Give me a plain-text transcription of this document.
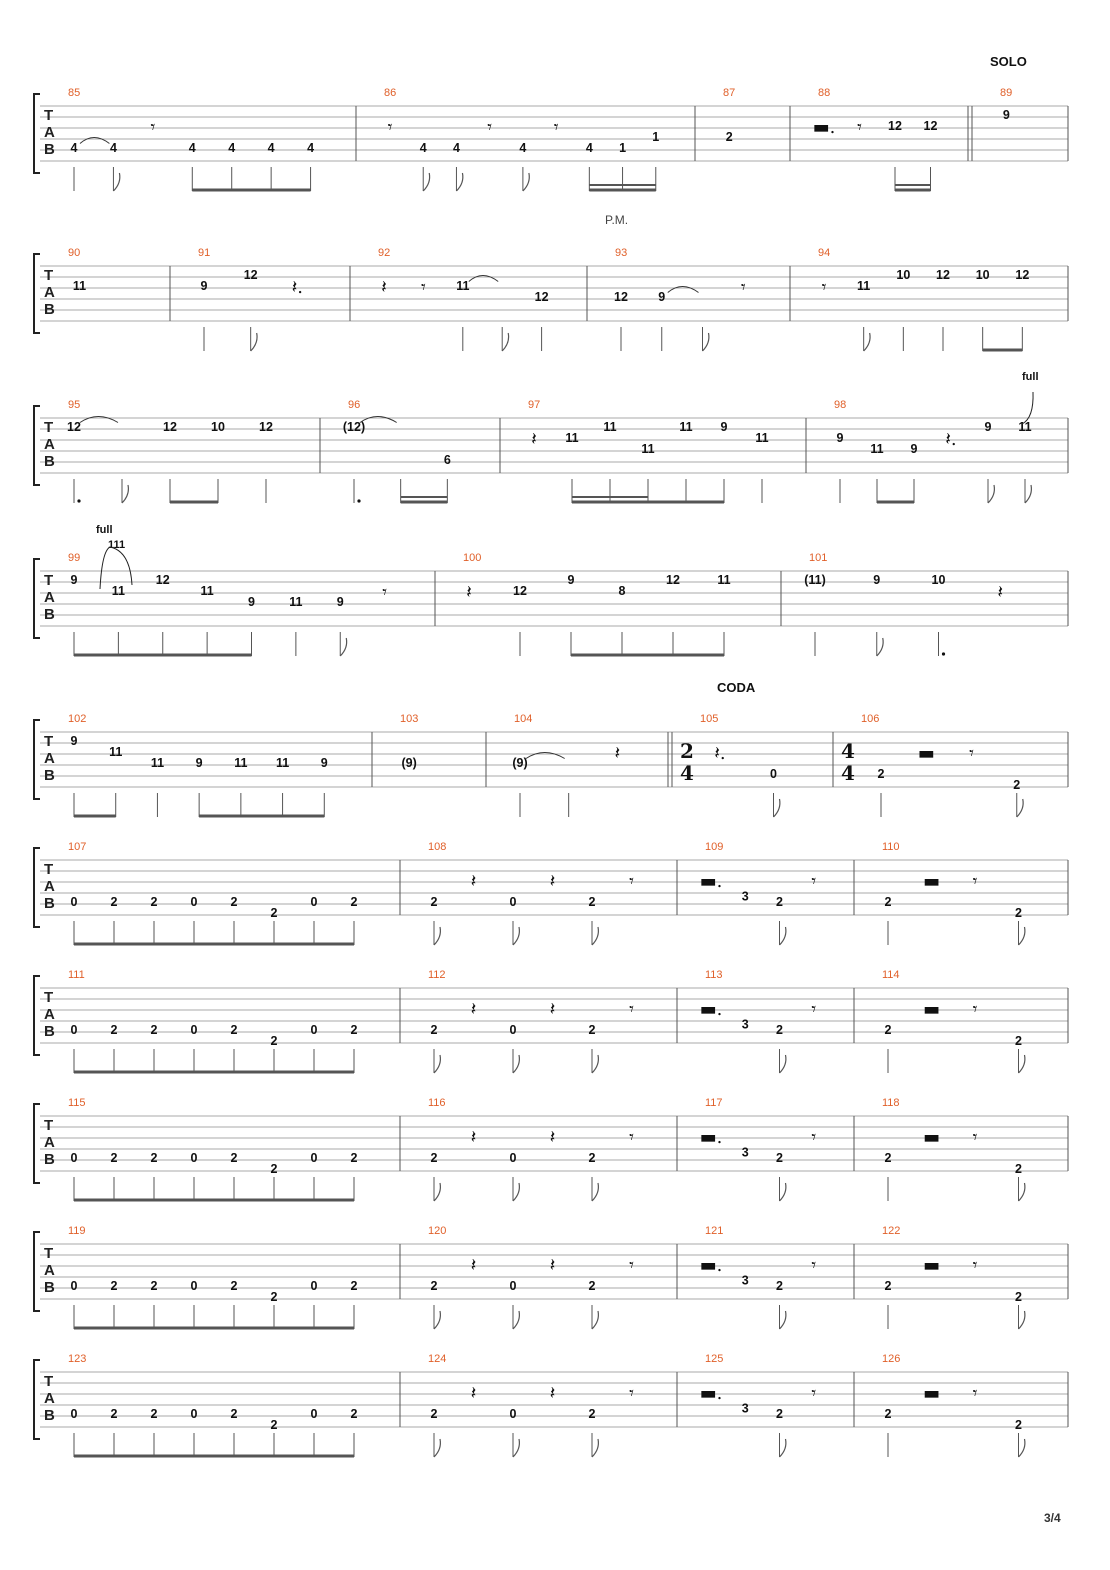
T
A
B
85
4	4
𝄾
4	4	4	4
86
𝄾
4 4
𝄾
4
𝄾
4 1
1
87
2
88
▬. 𝄾 12 12
89
SOLO
9
T
A
B
P.M.
90
11
91
9
12
𝄽.
92
𝄽 𝄾 11
12
93
12 9	𝄾
94
𝄾 11
10 12 10 12
T
A
B
95
12	12	10	12
96
(12)
6
97
𝄽 11
11
11
11 9
11
98
9
11 9 𝄽.
9 11
full
T
A
B
99
9
11
12
11
9	11	9 𝄾
100
𝄽	12
9
8
12	11
101
(11)	9	10
𝄽
full
111
T
A
B
102
9
11
11	9	11 11	9
103
(9)
104
(9)	𝄽
105
CODA
2
4
𝄽.
0
106
4
4 2
▬ 𝄾
2
T
A
B
107
0	2	2	0	2
2
0	2
108
2
𝄽
0
𝄽
2
𝄾
109
▬.
3 2
𝄾
110
2
▬ 𝄾
2
T
A
B
111
0	2	2	0	2
2
0	2
112
2
𝄽
0
𝄽
2
𝄾
113
▬.
3 2
𝄾
114
2
▬ 𝄾
2
T
A
B
115
0	2	2	0	2
2
0	2
116
2
𝄽
0
𝄽
2
𝄾
117
▬.
3 2
𝄾
118
2
▬ 𝄾
2
T
A
B
119
0	2	2	0	2
2
0	2
120
2
𝄽
0
𝄽
2
𝄾
121
▬.
3 2
𝄾
122
2
▬ 𝄾
2
T
A
B
123
0	2	2	0	2
2
0	2
124
2
𝄽
0
𝄽
2
𝄾
125
▬.
3 2
𝄾
126
2
▬ 𝄾
2
3/4
